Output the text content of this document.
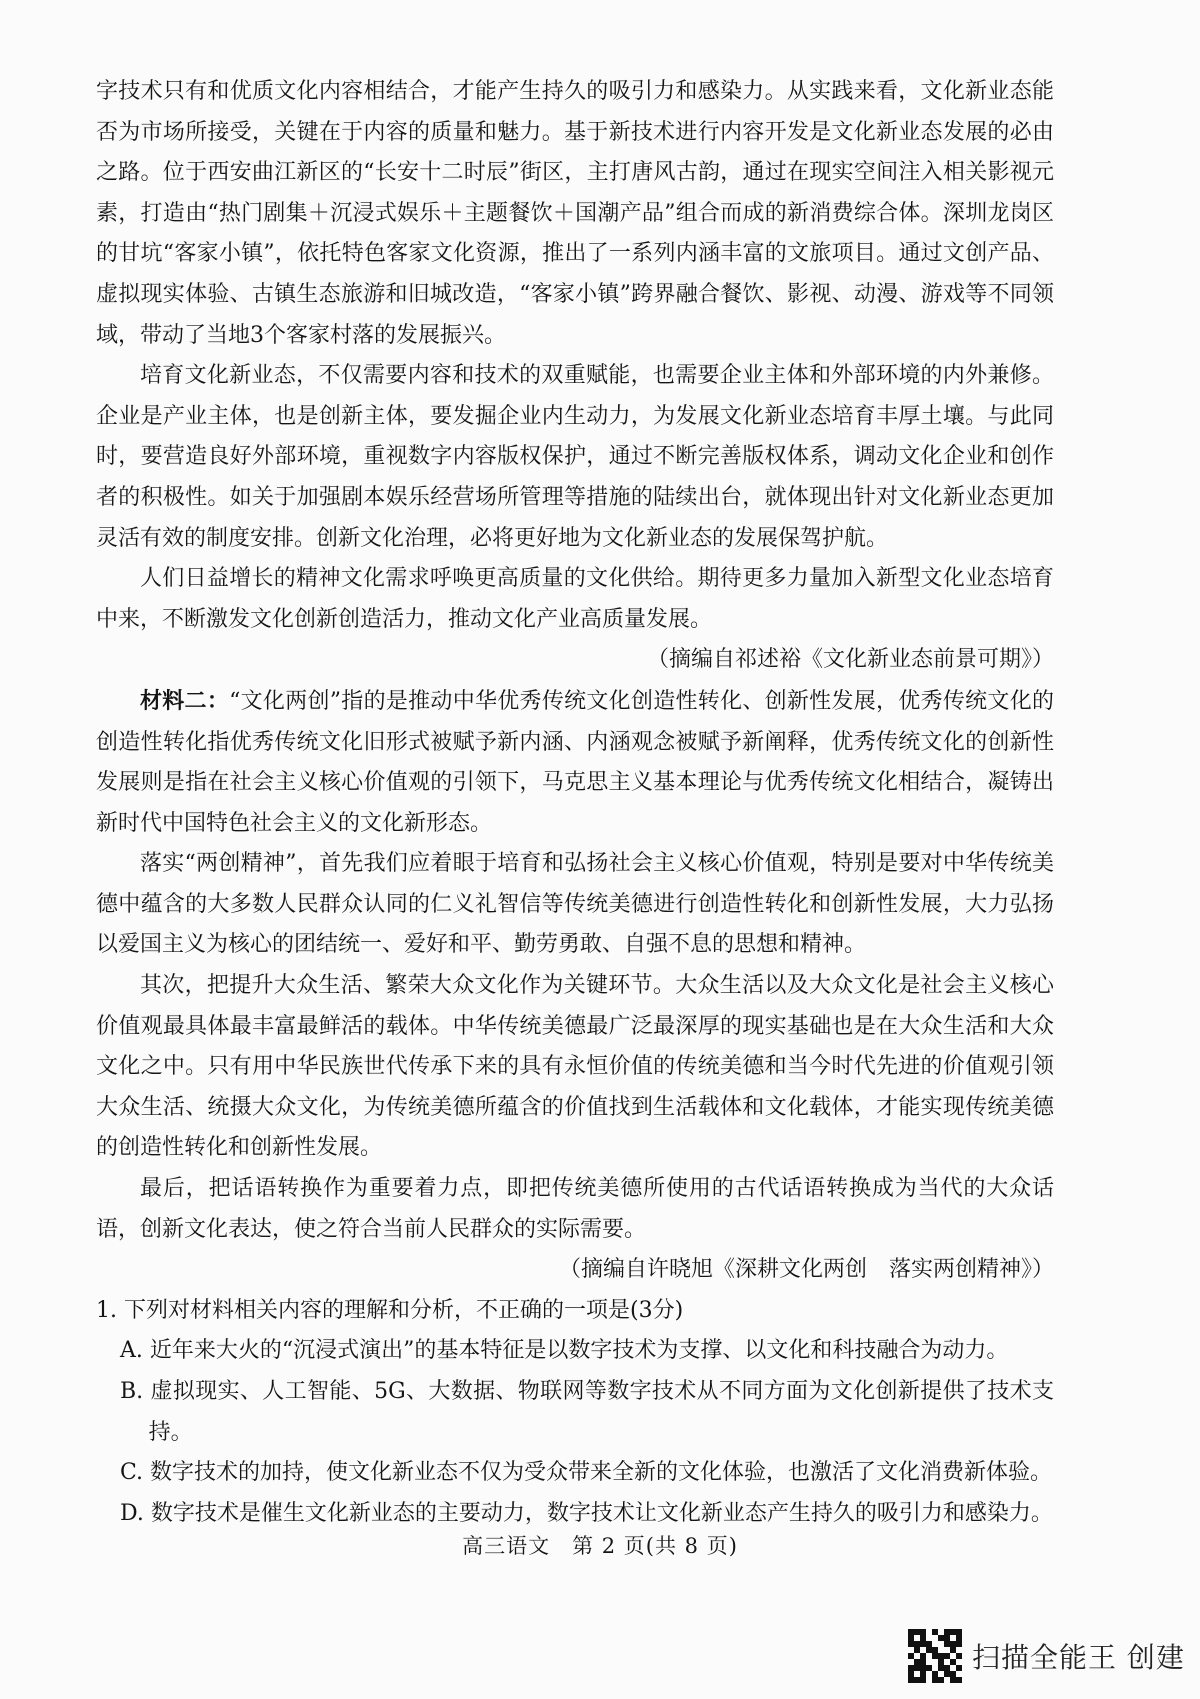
字技术只有和优质文化内容相结合，才能产生持久的吸引力和感染力。从实践来看，文化新业态能否为市场所接受，关键在于内容的质量和魅力。基于新技术进行内容开发是文化新业态发展的必由之路。位于西安曲江新区的“长安十二时辰”街区，主打唐风古韵，通过在现实空间注入相关影视元素，打造由“热门剧集＋沉浸式娱乐＋主题餐饮＋国潮产品”组合而成的新消费综合体。深圳龙岗区的甘坑“客家小镇”，依托特色客家文化资源，推出了一系列内涵丰富的文旅项目。通过文创产品、虚拟现实体验、古镇生态旅游和旧城改造，“客家小镇”跨界融合餐饮、影视、动漫、游戏等不同领域，带动了当地3个客家村落的发展振兴。

培育文化新业态，不仅需要内容和技术的双重赋能，也需要企业主体和外部环境的内外兼修。企业是产业主体，也是创新主体，要发掘企业内生动力，为发展文化新业态培育丰厚土壤。与此同时，要营造良好外部环境，重视数字内容版权保护，通过不断完善版权体系，调动文化企业和创作者的积极性。如关于加强剧本娱乐经营场所管理等措施的陆续出台，就体现出针对文化新业态更加灵活有效的制度安排。创新文化治理，必将更好地为文化新业态的发展保驾护航。

人们日益增长的精神文化需求呼唤更高质量的文化供给。期待更多力量加入新型文化业态培育中来，不断激发文化创新创造活力，推动文化产业高质量发展。

（摘编自祁述裕《文化新业态前景可期》）

材料二：“文化两创”指的是推动中华优秀传统文化创造性转化、创新性发展，优秀传统文化的创造性转化指优秀传统文化旧形式被赋予新内涵、内涵观念被赋予新阐释，优秀传统文化的创新性发展则是指在社会主义核心价值观的引领下，马克思主义基本理论与优秀传统文化相结合，凝铸出新时代中国特色社会主义的文化新形态。

落实“两创精神”，首先我们应着眼于培育和弘扬社会主义核心价值观，特别是要对中华传统美德中蕴含的大多数人民群众认同的仁义礼智信等传统美德进行创造性转化和创新性发展，大力弘扬以爱国主义为核心的团结统一、爱好和平、勤劳勇敢、自强不息的思想和精神。

其次，把提升大众生活、繁荣大众文化作为关键环节。大众生活以及大众文化是社会主义核心价值观最具体最丰富最鲜活的载体。中华传统美德最广泛最深厚的现实基础也是在大众生活和大众文化之中。只有用中华民族世代传承下来的具有永恒价值的传统美德和当今时代先进的价值观引领大众生活、统摄大众文化，为传统美德所蕴含的价值找到生活载体和文化载体，才能实现传统美德的创造性转化和创新性发展。

最后，把话语转换作为重要着力点，即把传统美德所使用的古代话语转换成为当代的大众话语，创新文化表达，使之符合当前人民群众的实际需要。

（摘编自许晓旭《深耕文化两创　落实两创精神》）

1. 下列对材料相关内容的理解和分析，不正确的一项是(3分)

A. 近年来大火的“沉浸式演出”的基本特征是以数字技术为支撑、以文化和科技融合为动力。

B. 虚拟现实、人工智能、5G、大数据、物联网等数字技术从不同方面为文化创新提供了技术支持。

C. 数字技术的加持，使文化新业态不仅为受众带来全新的文化体验，也激活了文化消费新体验。

D. 数字技术是催生文化新业态的主要动力，数字技术让文化新业态产生持久的吸引力和感染力。

高三语文　第 2 页(共 8 页)
扫描全能王 创建
